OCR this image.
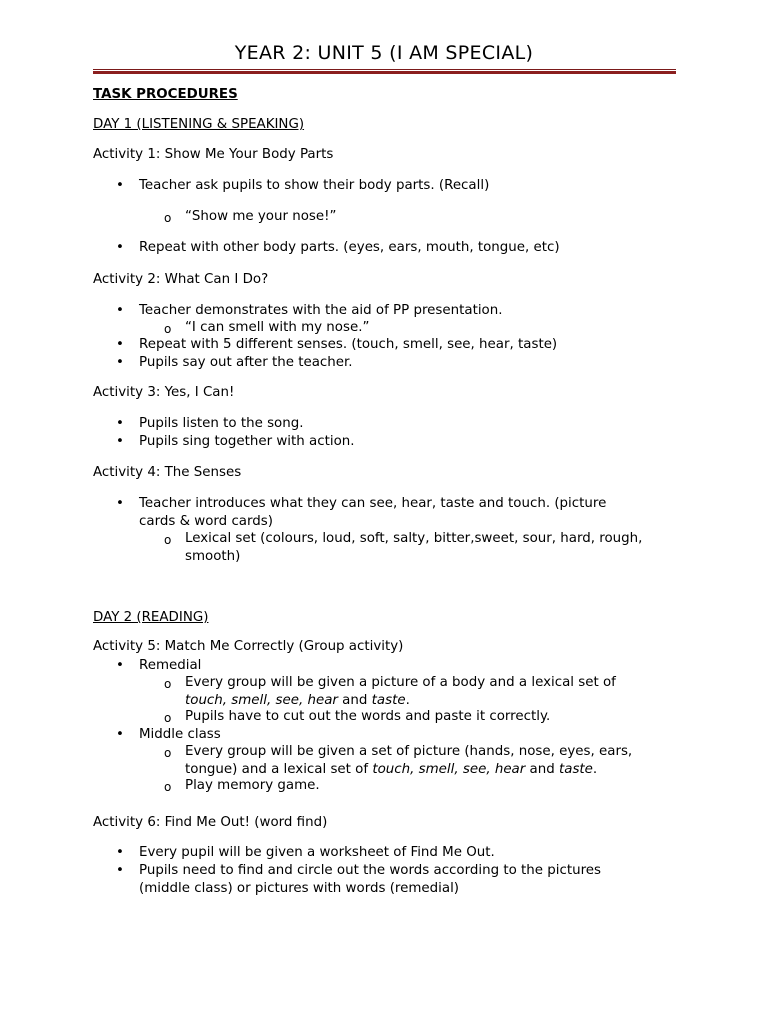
YEAR 2: UNIT 5 (I AM SPECIAL)
TASK PROCEDURES
DAY 1 (LISTENING & SPEAKING)
Activity 1: Show Me Your Body Parts
•
Teacher ask pupils to show their body parts. (Recall)
o
“Show me your nose!”
•
Repeat with other body parts. (eyes, ears, mouth, tongue, etc)
Activity 2: What Can I Do?
•
Teacher demonstrates with the aid of PP presentation.
o
“I can smell with my nose.”
•
Repeat with 5 different senses. (touch, smell, see, hear, taste)
•
Pupils say out after the teacher.
Activity 3: Yes, I Can!
•
Pupils listen to the song.
•
Pupils sing together with action.
Activity 4: The Senses
•
Teacher introduces what they can see, hear, taste and touch. (picture
cards & word cards)
o
Lexical set (colours, loud, soft, salty, bitter,sweet, sour, hard, rough,
smooth)
DAY 2 (READING)
Activity 5: Match Me Correctly (Group activity)
•
Remedial
o
Every group will be given a picture of a body and a lexical set of
touch, smell, see, hear and taste.
o
Pupils have to cut out the words and paste it correctly.
•
Middle class
o
Every group will be given a set of picture (hands, nose, eyes, ears,
tongue) and a lexical set of touch, smell, see, hear and taste.
o
Play memory game.
Activity 6: Find Me Out! (word find)
•
Every pupil will be given a worksheet of Find Me Out.
•
Pupils need to find and circle out the words according to the pictures
(middle class) or pictures with words (remedial)
